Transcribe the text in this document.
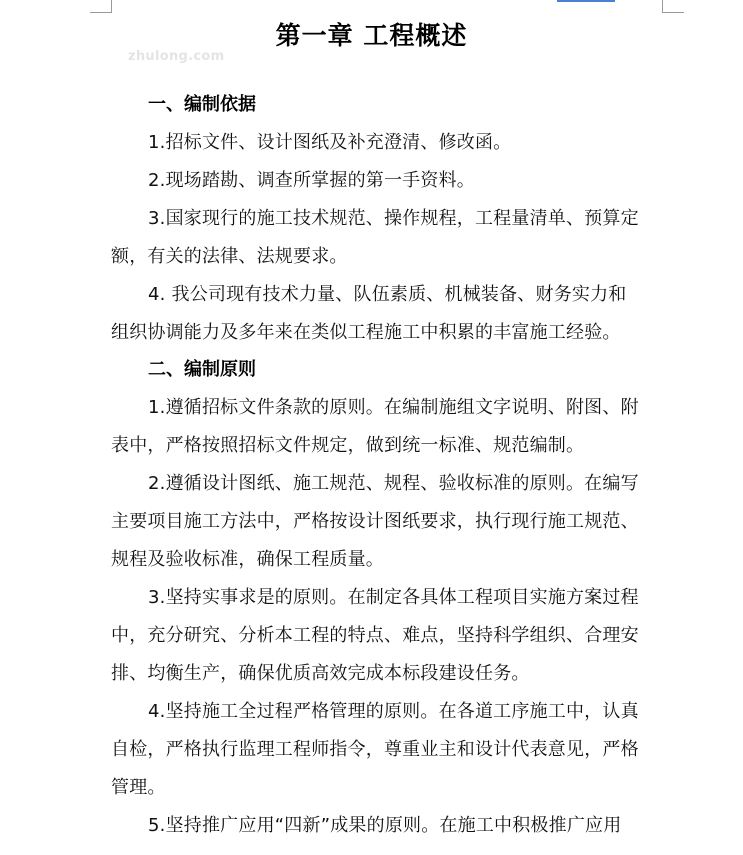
zhulong.com
第一章 工程概述
一、编制依据
1.招标文件、设计图纸及补充澄清、修改函。
2.现场踏勘、调查所掌握的第一手资料。
3.国家现行的施工技术规范、操作规程，工程量清单、预算定
额，有关的法律、法规要求。
4. 我公司现有技术力量、队伍素质、机械装备、财务实力和
组织协调能力及多年来在类似工程施工中积累的丰富施工经验。
二、编制原则
1.遵循招标文件条款的原则。在编制施组文字说明、附图、附
表中，严格按照招标文件规定，做到统一标准、规范编制。
2.遵循设计图纸、施工规范、规程、验收标准的原则。在编写
主要项目施工方法中，严格按设计图纸要求，执行现行施工规范、
规程及验收标准，确保工程质量。
3.坚持实事求是的原则。在制定各具体工程项目实施方案过程
中，充分研究、分析本工程的特点、难点，坚持科学组织、合理安
排、均衡生产，确保优质高效完成本标段建设任务。
4.坚持施工全过程严格管理的原则。在各道工序施工中，认真
自检，严格执行监理工程师指令，尊重业主和设计代表意见，严格
管理。
5.坚持推广应用“四新”成果的原则。在施工中积极推广应用
